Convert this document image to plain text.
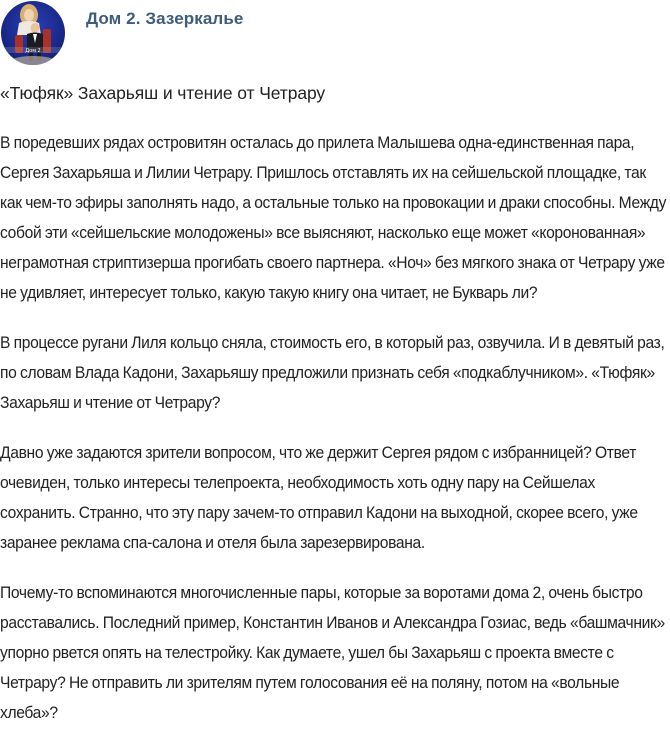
Дом 2
Дом 2. Зазеркалье
«Тюфяк» Захарьяш и чтение от Четрару

В поредевших рядах островитян осталась до прилета Малышева одна-единственная пара, Сергея Захарьяша и Лилии Четрару. Пришлось отставлять их на сейшельской площадке, так как чем-то эфиры заполнять надо, а остальные только на провокации и драки способны. Между собой эти «сейшельские молодожены» все выясняют, насколько еще может «коронованная» неграмотная стриптизерша прогибать своего партнера. «Ноч» без мягкого знака от Четрару уже не удивляет, интересует только, какую такую книгу она читает, не Букварь ли?

В процессе ругани Лиля кольцо сняла, стоимость его, в который раз, озвучила. И в девятый раз, по словам Влада Кадони, Захарьяшу предложили признать себя «подкаблучником». «Тюфяк» Захарьяш и чтение от Четрару?

Давно уже задаются зрители вопросом, что же держит Сергея рядом с избранницей? Ответ очевиден, только интересы телепроекта, необходимость хоть одну пару на Сейшелах сохранить. Странно, что эту пару зачем-то отправил Кадони на выходной, скорее всего, уже заранее реклама спа-салона и отеля была зарезервирована.

Почему-то вспоминаются многочисленные пары, которые за воротами дома 2, очень быстро расставались. Последний пример, Константин Иванов и Александра Гозиас, ведь «башмачник» упорно рвется опять на телестройку. Как думаете, ушел бы Захарьяш с проекта вместе с Четрару? Не отправить ли зрителям путем голосования её на поляну, потом на «вольные хлеба»?
